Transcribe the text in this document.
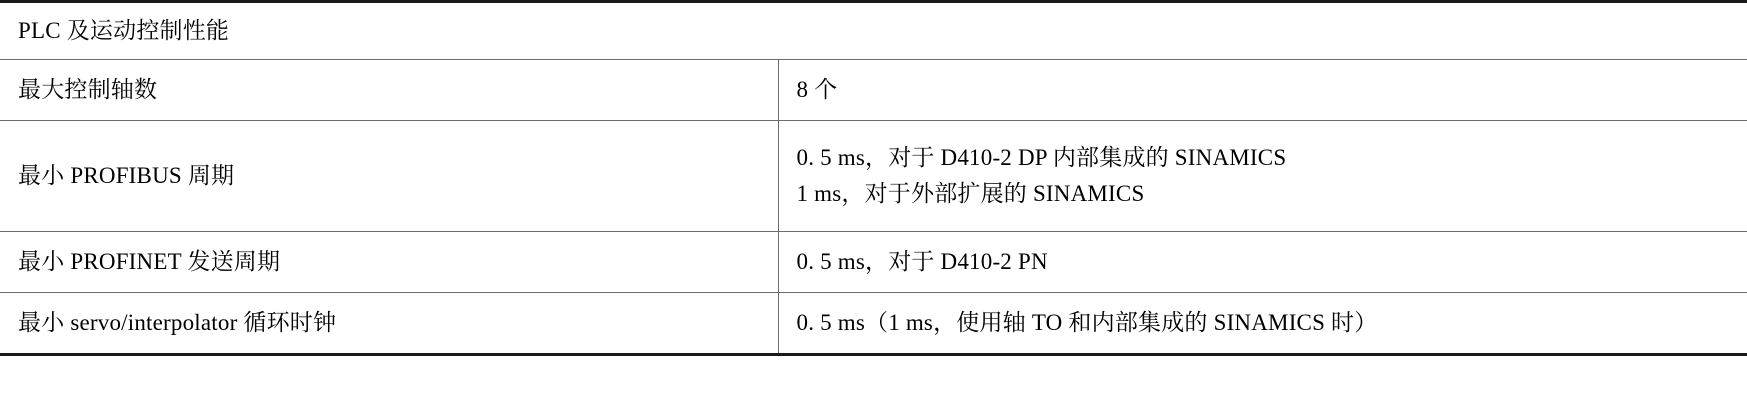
PLC 及运动控制性能	

最大控制轴数	8 个

最小 PROFIBUS 周期	0. 5 ms，对于 D410-2 DP 内部集成的 SINAMICS
1 ms，对于外部扩展的 SINAMICS

最小 PROFINET 发送周期	0. 5 ms，对于 D410-2 PN

最小 servo/interpolator 循环时钟	0. 5 ms（1 ms，使用轴 TO 和内部集成的 SINAMICS 时）
